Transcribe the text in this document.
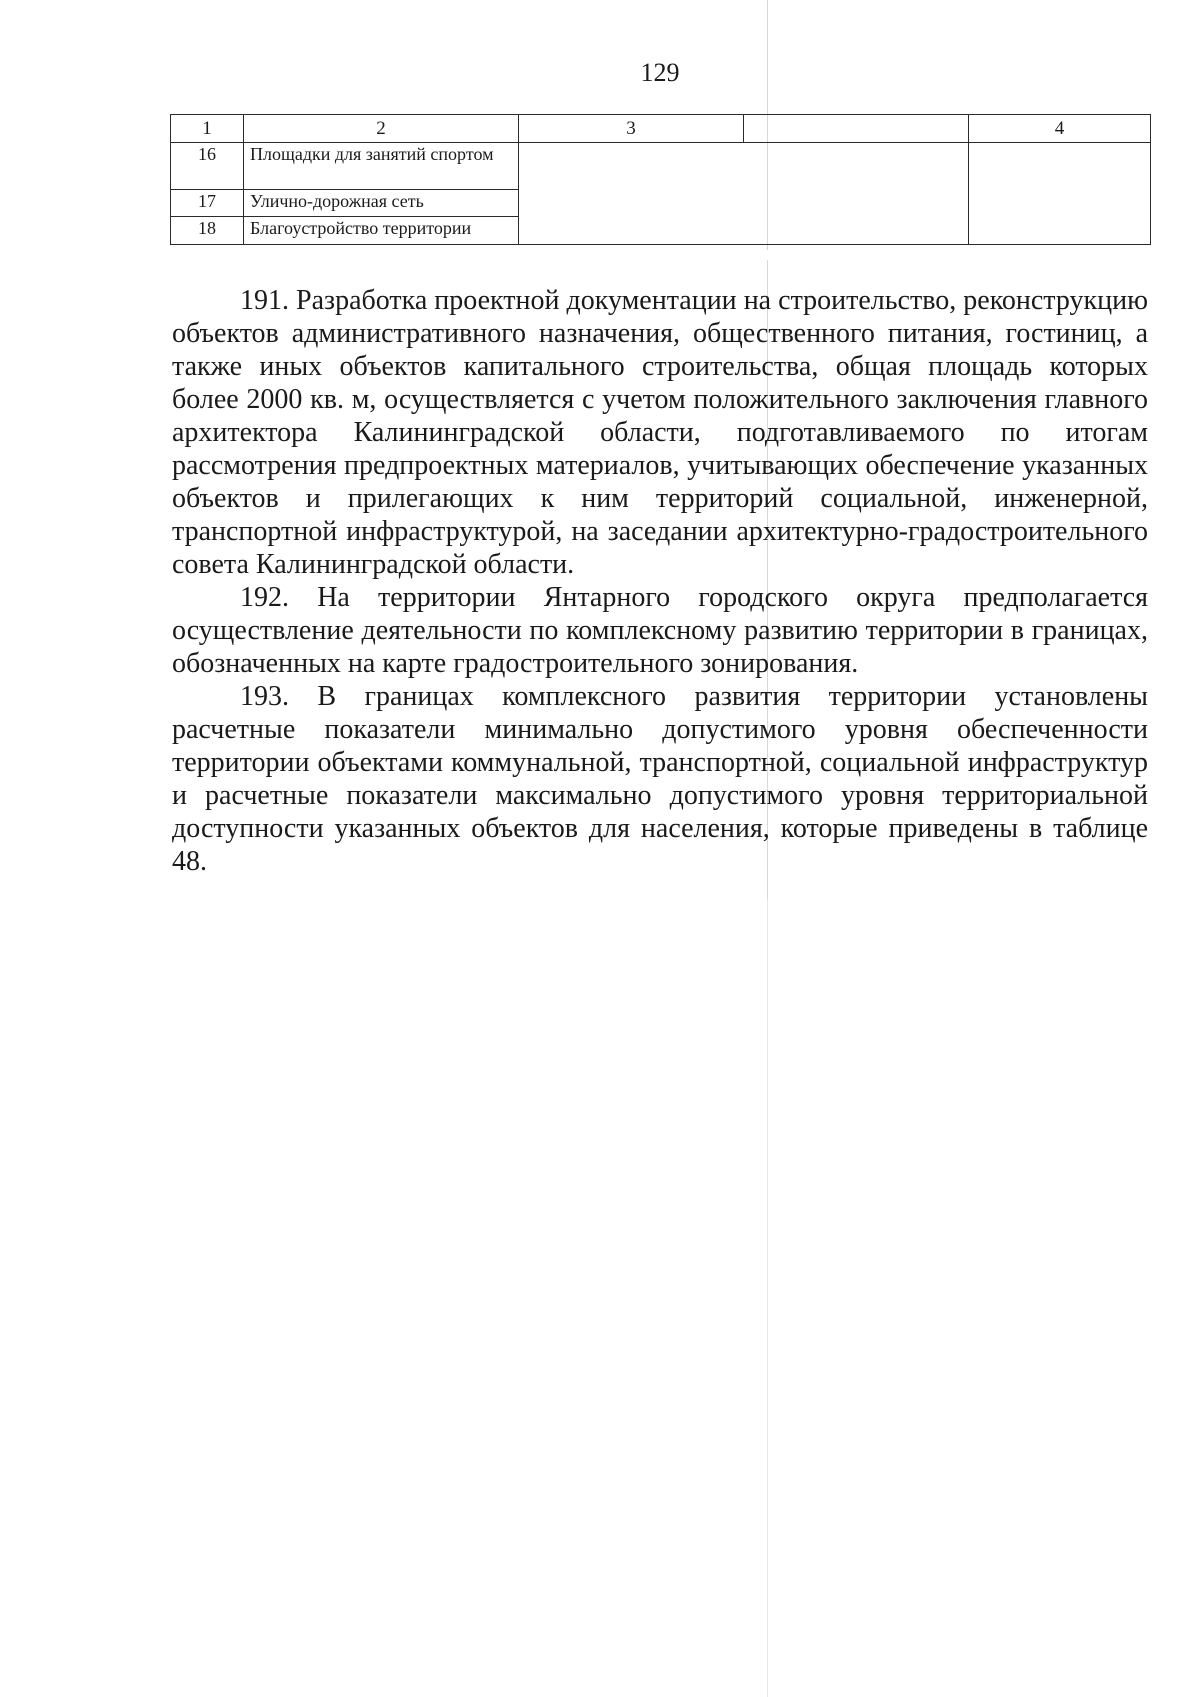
129
1	2	3		4
16	Площадки для занятий спортом			
17	Улично-дорожная сеть			
18	Благоустройство территории			

191. Разработка проектной документации на строительство, реконструкцию объектов административного назначения, общественного питания, гостиниц, а также иных объектов капитального строительства, общая площадь которых более 2000 кв. м, осуществляется с учетом положительного заключения главного архитектора Калининградской области, подготавливаемого по итогам рассмотрения предпроектных материалов, учитывающих обеспечение указанных объектов и прилегающих к ним территорий социальной, инженерной, транспортной инфраструктурой, на заседании архитектурно-градостроительного совета Калининградской области.

192. На территории Янтарного городского округа предполагается осуществление деятельности по комплексному развитию территории в границах, обозначенных на карте градостроительного зонирования.

193. В границах комплексного развития территории установлены расчетные показатели минимально допустимого уровня обеспеченности территории объектами коммунальной, транспортной, социальной инфраструктур и расчетные показатели максимально допустимого уровня территориальной доступности указанных объектов для населения, которые приведены в таблице 48.
